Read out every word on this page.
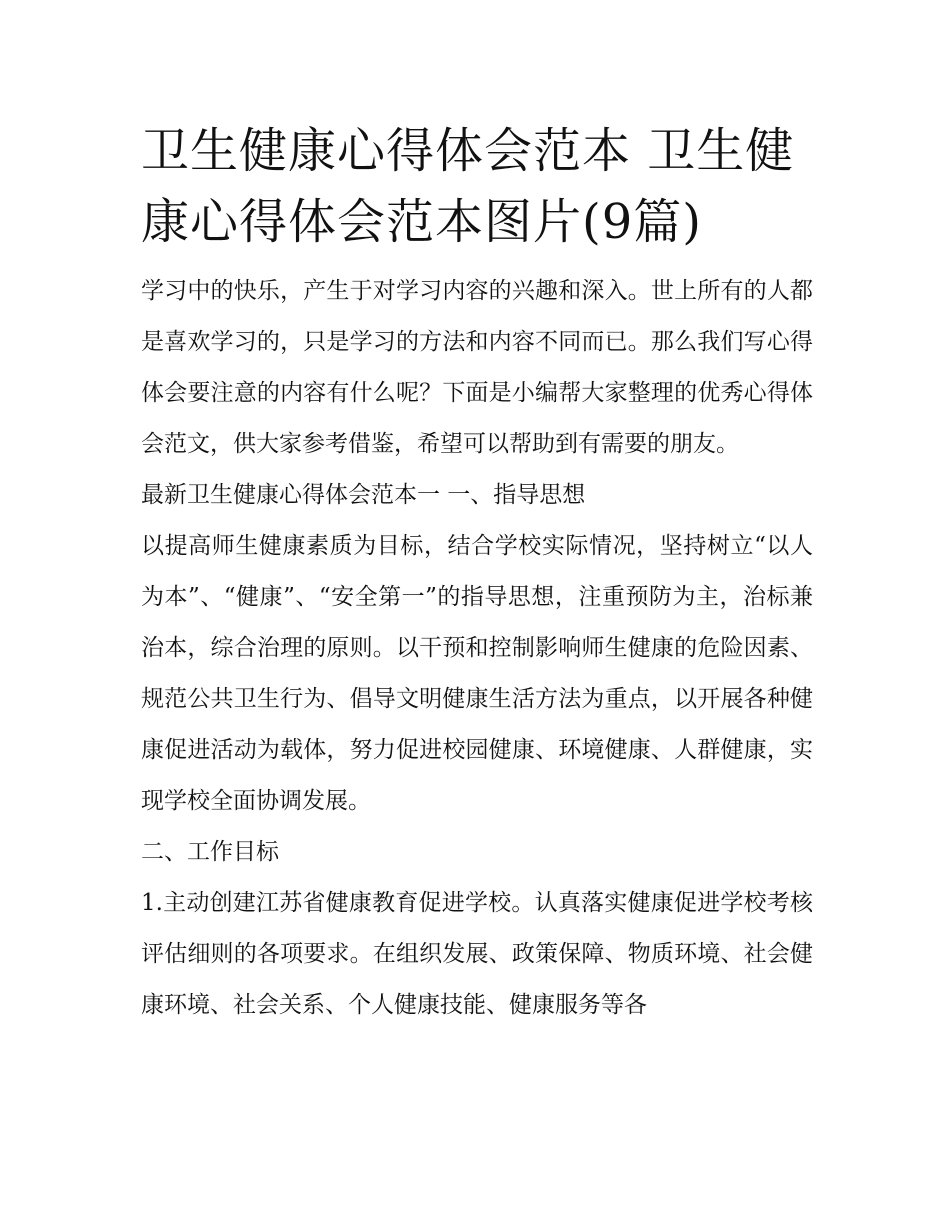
卫生健康心得体会范本 卫生健康心得体会范本图片(9篇)

学习中的快乐，产生于对学习内容的兴趣和深入。世上所有的人都是喜欢学习的，只是学习的方法和内容不同而已。那么我们写心得体会要注意的内容有什么呢？下面是小编帮大家整理的优秀心得体会范文，供大家参考借鉴，希望可以帮助到有需要的朋友。

最新卫生健康心得体会范本一 一、指导思想

以提高师生健康素质为目标，结合学校实际情况，坚持树立“以人为本”、“健康”、“安全第一”的指导思想，注重预防为主，治标兼治本，综合治理的原则。以干预和控制影响师生健康的危险因素、规范公共卫生行为、倡导文明健康生活方法为重点，以开展各种健康促进活动为载体，努力促进校园健康、环境健康、人群健康，实现学校全面协调发展。

二、工作目标

1.主动创建江苏省健康教育促进学校。认真落实健康促进学校考核评估细则的各项要求。在组织发展、政策保障、物质环境、社会健康环境、社会关系、个人健康技能、健康服务等各
